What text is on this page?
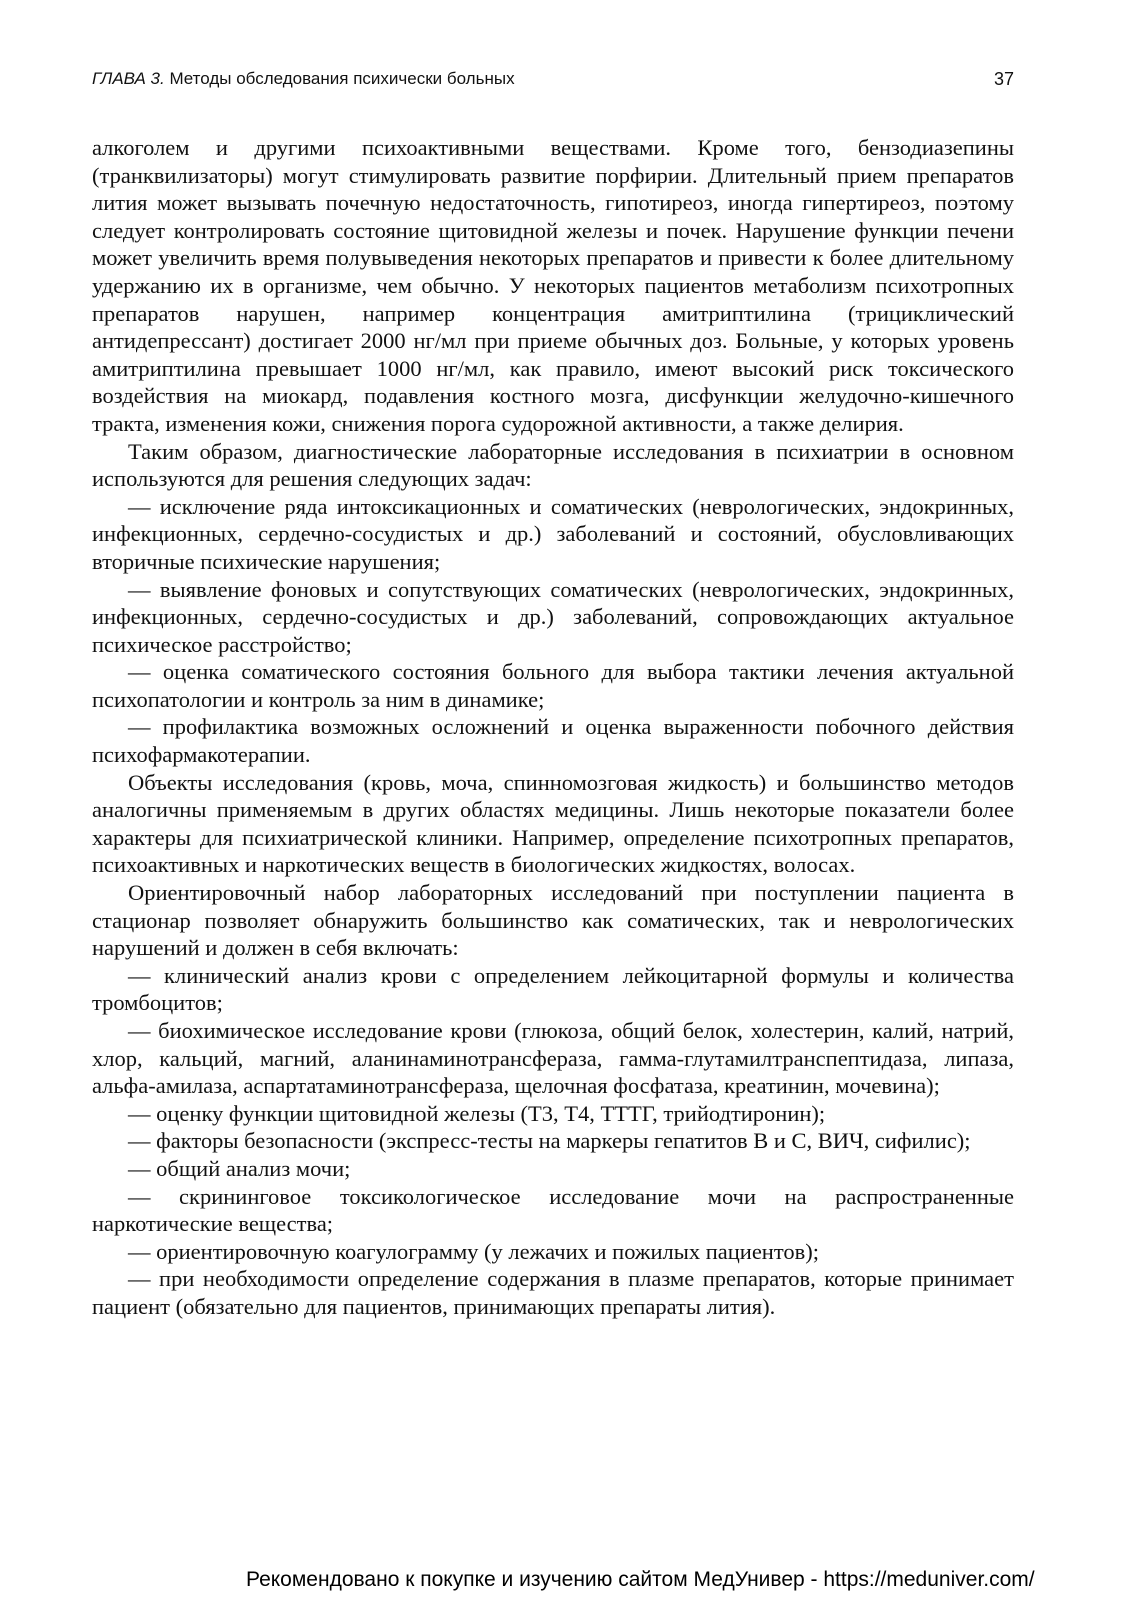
ГЛАВА 3. Методы обследования психически больных	37

алкоголем и другими психоактивными веществами. Кроме того, бензодиазепины (транквилизаторы) могут стимулировать развитие порфирии. Длительный прием препаратов лития может вызывать почечную недостаточность, гипотиреоз, иногда гипертиреоз, поэтому следует контролировать состояние щитовидной железы и почек. Нарушение функции печени может увеличить время полувыведения некоторых препаратов и привести к более длительному удержанию их в организме, чем обычно. У некоторых пациентов метаболизм психотропных препаратов нарушен, например концентрация амитриптилина (трициклический антидепрессант) достигает 2000 нг/мл при приеме обычных доз. Больные, у которых уровень амитриптилина превышает 1000 нг/мл, как правило, имеют высокий риск токсического воздействия на миокард, подавления костного мозга, дисфункции желудочно-кишечного тракта, изменения кожи, снижения порога судорожной активности, а также делирия.

Таким образом, диагностические лабораторные исследования в психиатрии в основном используются для решения следующих задач:

— исключение ряда интоксикационных и соматических (неврологических, эндокринных, инфекционных, сердечно-сосудистых и др.) заболеваний и состояний, обусловливающих вторичные психические нарушения;

— выявление фоновых и сопутствующих соматических (неврологических, эндокринных, инфекционных, сердечно-сосудистых и др.) заболеваний, сопровождающих актуальное психическое расстройство;

— оценка соматического состояния больного для выбора тактики лечения актуальной психопатологии и контроль за ним в динамике;

— профилактика возможных осложнений и оценка выраженности побочного действия психофармакотерапии.

Объекты исследования (кровь, моча, спинномозговая жидкость) и большинство методов аналогичны применяемым в других областях медицины. Лишь некоторые показатели более характеры для психиатрической клиники. Например, определение психотропных препаратов, психоактивных и наркотических веществ в биологических жидкостях, волосах.

Ориентировочный набор лабораторных исследований при поступлении пациента в стационар позволяет обнаружить большинство как соматических, так и неврологических нарушений и должен в себя включать:

— клинический анализ крови с определением лейкоцитарной формулы и количества тромбоцитов;

— биохимическое исследование крови (глюкоза, общий белок, холестерин, калий, натрий, хлор, кальций, магний, аланинаминотрансфераза, гамма-глутамилтранспептидаза, липаза, альфа-амилаза, аспартатаминотрансфераза, щелочная фосфатаза, креатинин, мочевина);

— оценку функции щитовидной железы (Т3, Т4, ТТТГ, трийодтиронин);

— факторы безопасности (экспресс-тесты на маркеры гепатитов В и С, ВИЧ, сифилис);

— общий анализ мочи;

— скрининговое токсикологическое исследование мочи на распространенные наркотические вещества;

— ориентировочную коагулограмму (у лежачих и пожилых пациентов);

— при необходимости определение содержания в плазме препаратов, которые принимает пациент (обязательно для пациентов, принимающих препараты лития).

Рекомендовано к покупке и изучению сайтом МедУнивер - https://meduniver.com/
